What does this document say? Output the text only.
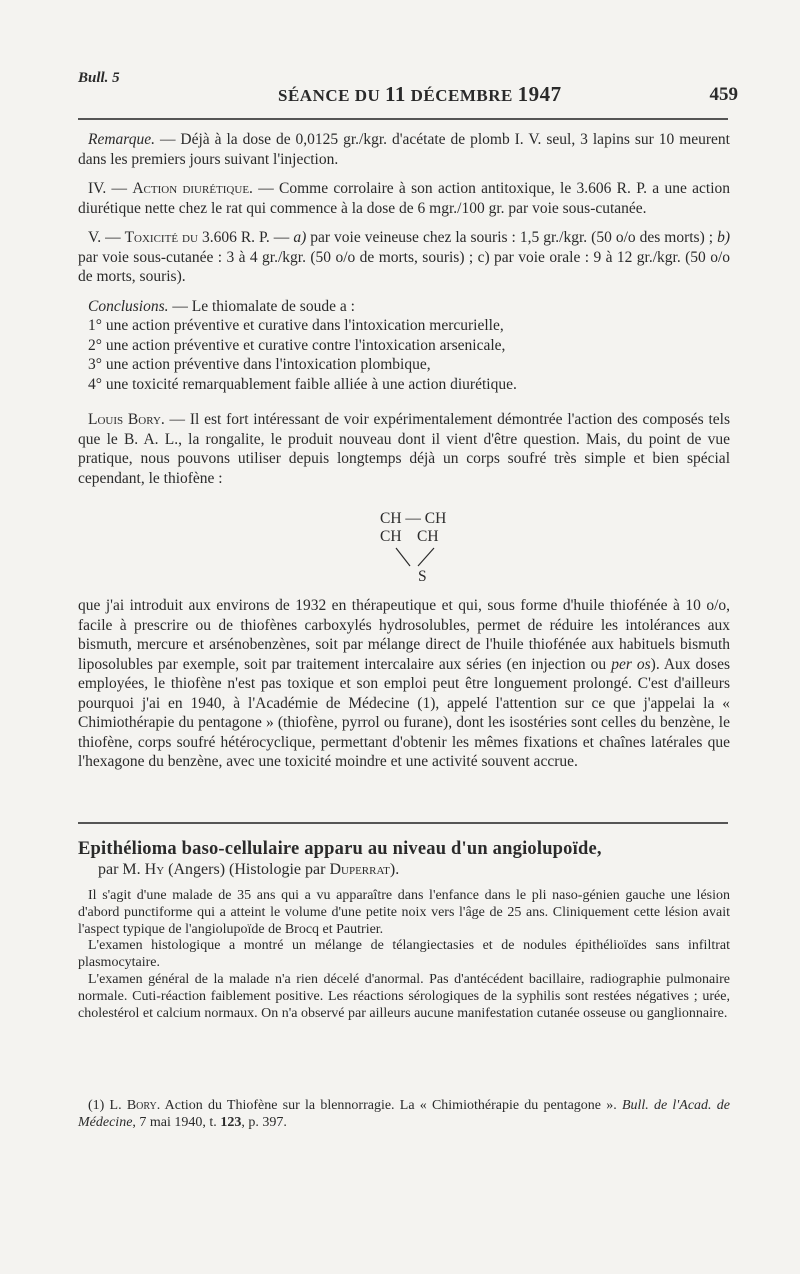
Bull. 5
SÉANCE DU 11 DÉCEMBRE 1947	459

Remarque. — Déjà à la dose de 0,0125 gr./kgr. d'acétate de plomb I. V. seul, 3 lapins sur 10 meurent dans les premiers jours suivant l'injection.

IV. — Action diurétique. — Comme corrolaire à son action antitoxique, le 3.606 R. P. a une action diurétique nette chez le rat qui commence à la dose de 6 mgr./100 gr. par voie sous-cutanée.

V. — Toxicité du 3.606 R. P. — a) par voie veineuse chez la souris : 1,5 gr./kgr. (50 o/o des morts) ; b) par voie sous-cutanée : 3 à 4 gr./kgr. (50 o/o de morts, souris) ; c) par voie orale : 9 à 12 gr./kgr. (50 o/o de morts, souris).

Conclusions. — Le thiomalate de soude a :

1° une action préventive et curative dans l'intoxication mercurielle,

2° une action préventive et curative contre l'intoxication arsenicale,

3° une action préventive dans l'intoxication plombique,

4° une toxicité remarquablement faible alliée à une action diurétique.

Louis Bory. — Il est fort intéressant de voir expérimentalement démontrée l'action des composés tels que le B. A. L., la rongalite, le produit nouveau dont il vient d'être question. Mais, du point de vue pratique, nous pouvons utiliser depuis longtemps déjà un corps soufré très simple et bien spécial cependant, le thiofène :

CH — CH
CH    CH
S

que j'ai introduit aux environs de 1932 en thérapeutique et qui, sous forme d'huile thiofénée à 10 o/o, facile à prescrire ou de thiofènes carboxylés hydrosolubles, permet de réduire les intolérances aux bismuth, mercure et arsénobenzènes, soit par mélange direct de l'huile thiofénée aux habituels bismuth liposolubles par exemple, soit par traitement intercalaire aux séries (en injection ou per os). Aux doses employées, le thiofène n'est pas toxique et son emploi peut être longuement prolongé. C'est d'ailleurs pourquoi j'ai en 1940, à l'Académie de Médecine (1), appelé l'attention sur ce que j'appelai la « Chimiothérapie du pentagone » (thiofène, pyrrol ou furane), dont les isostéries sont celles du benzène, le thiofène, corps soufré hétérocyclique, permettant d'obtenir les mêmes fixations et chaînes latérales que l'hexagone du benzène, avec une toxicité moindre et une activité souvent accrue.

Epithélioma baso-cellulaire apparu au niveau d'un angiolupoïde,
par M. Hy (Angers) (Histologie par Duperrat).

Il s'agit d'une malade de 35 ans qui a vu apparaître dans l'enfance dans le pli naso-génien gauche une lésion d'abord punctiforme qui a atteint le volume d'une petite noix vers l'âge de 25 ans. Cliniquement cette lésion avait l'aspect typique de l'angiolupoïde de Brocq et Pautrier.

L'examen histologique a montré un mélange de télangiectasies et de nodules épithélioïdes sans infiltrat plasmocytaire.

L'examen général de la malade n'a rien décelé d'anormal. Pas d'antécédent bacillaire, radiographie pulmonaire normale. Cuti-réaction faiblement positive. Les réactions sérologiques de la syphilis sont restées négatives ; urée, cholestérol et calcium normaux. On n'a observé par ailleurs aucune manifestation cutanée osseuse ou ganglionnaire.

(1) L. Bory. Action du Thiofène sur la blennorragie. La « Chimiothérapie du pentagone ». Bull. de l'Acad. de Médecine, 7 mai 1940, t. 123, p. 397.
